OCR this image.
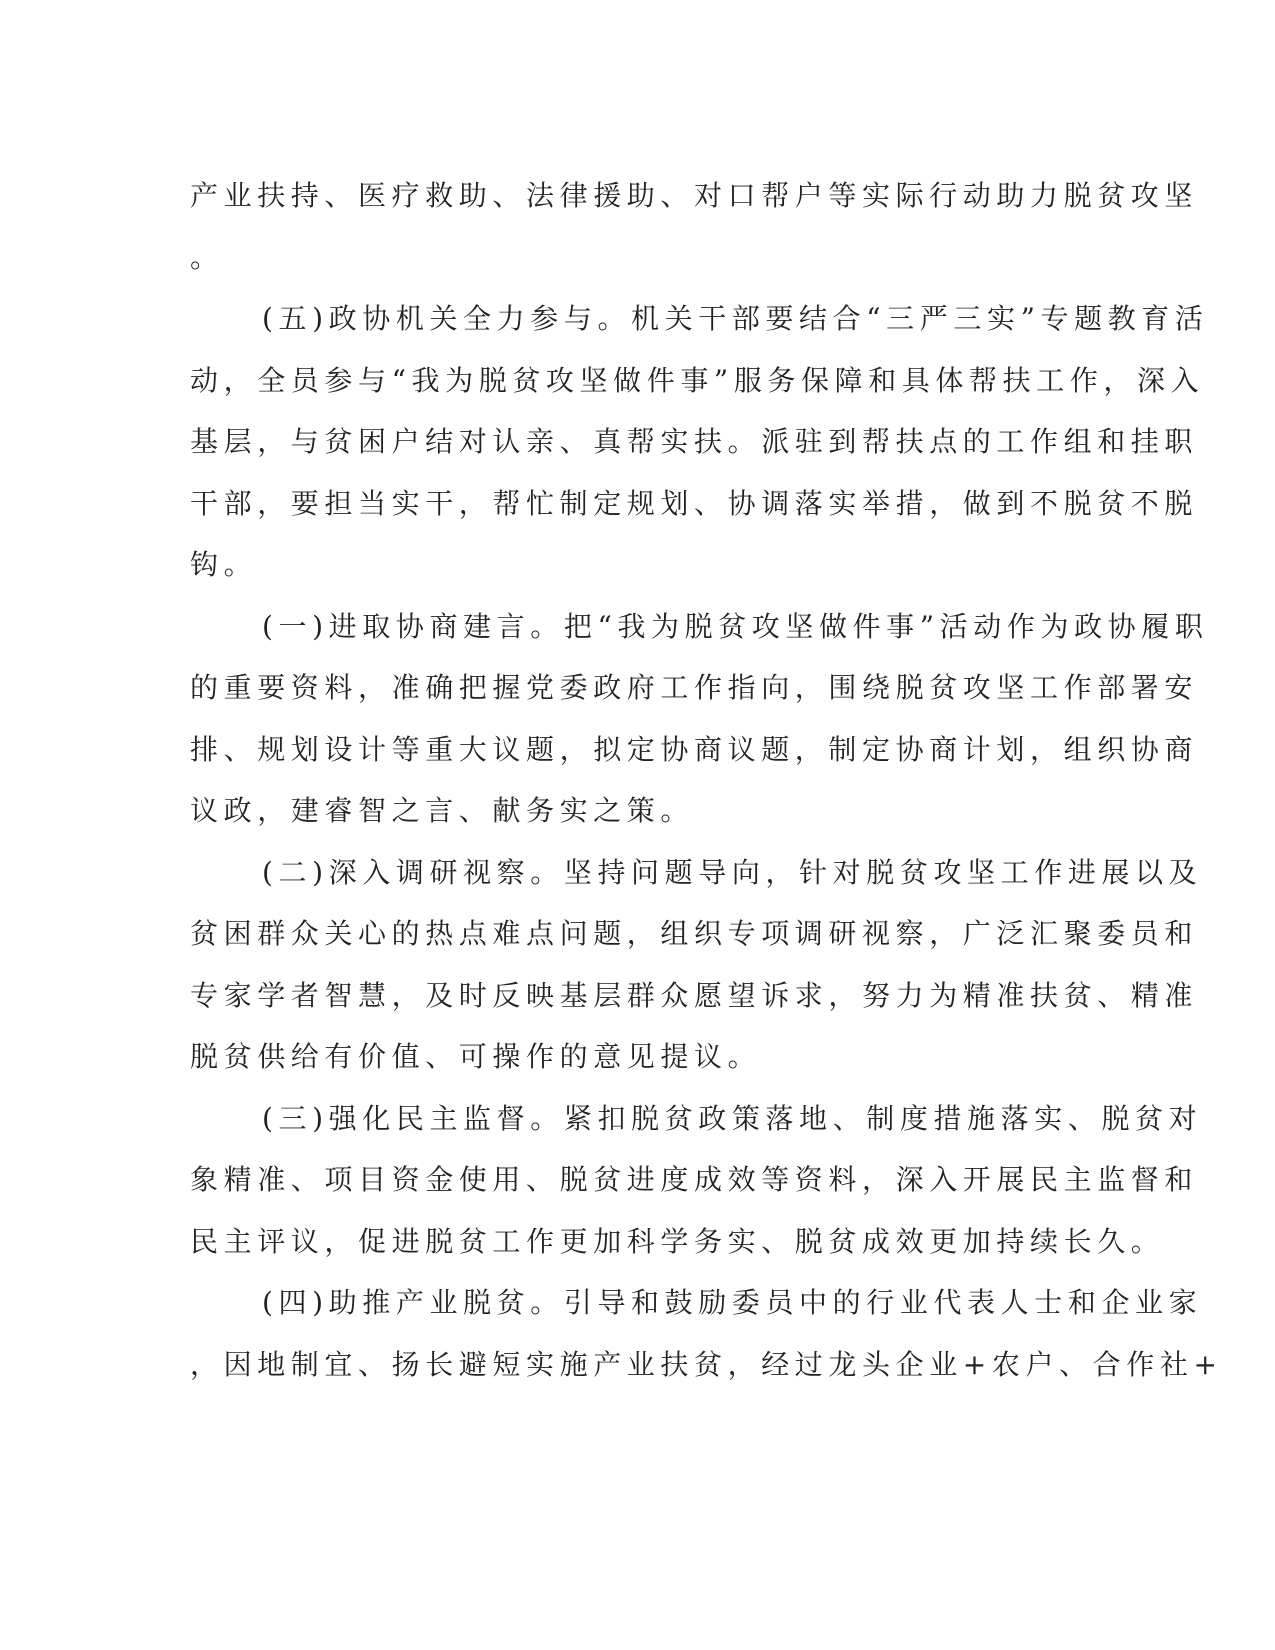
产业扶持、医疗救助、法律援助、对口帮户等实际行动助力脱贫攻坚
。
(五)政协机关全力参与。机关干部要结合“三严三实”专题教育活
动，全员参与“我为脱贫攻坚做件事”服务保障和具体帮扶工作，深入
基层，与贫困户结对认亲、真帮实扶。派驻到帮扶点的工作组和挂职
干部，要担当实干，帮忙制定规划、协调落实举措，做到不脱贫不脱
钩。
(一)进取协商建言。把“我为脱贫攻坚做件事”活动作为政协履职
的重要资料，准确把握党委政府工作指向，围绕脱贫攻坚工作部署安
排、规划设计等重大议题，拟定协商议题，制定协商计划，组织协商
议政，建睿智之言、献务实之策。
(二)深入调研视察。坚持问题导向，针对脱贫攻坚工作进展以及
贫困群众关心的热点难点问题，组织专项调研视察，广泛汇聚委员和
专家学者智慧，及时反映基层群众愿望诉求，努力为精准扶贫、精准
脱贫供给有价值、可操作的意见提议。
(三)强化民主监督。紧扣脱贫政策落地、制度措施落实、脱贫对
象精准、项目资金使用、脱贫进度成效等资料，深入开展民主监督和
民主评议，促进脱贫工作更加科学务实、脱贫成效更加持续长久。
(四)助推产业脱贫。引导和鼓励委员中的行业代表人士和企业家
，因地制宜、扬长避短实施产业扶贫，经过龙头企业+农户、合作社+
